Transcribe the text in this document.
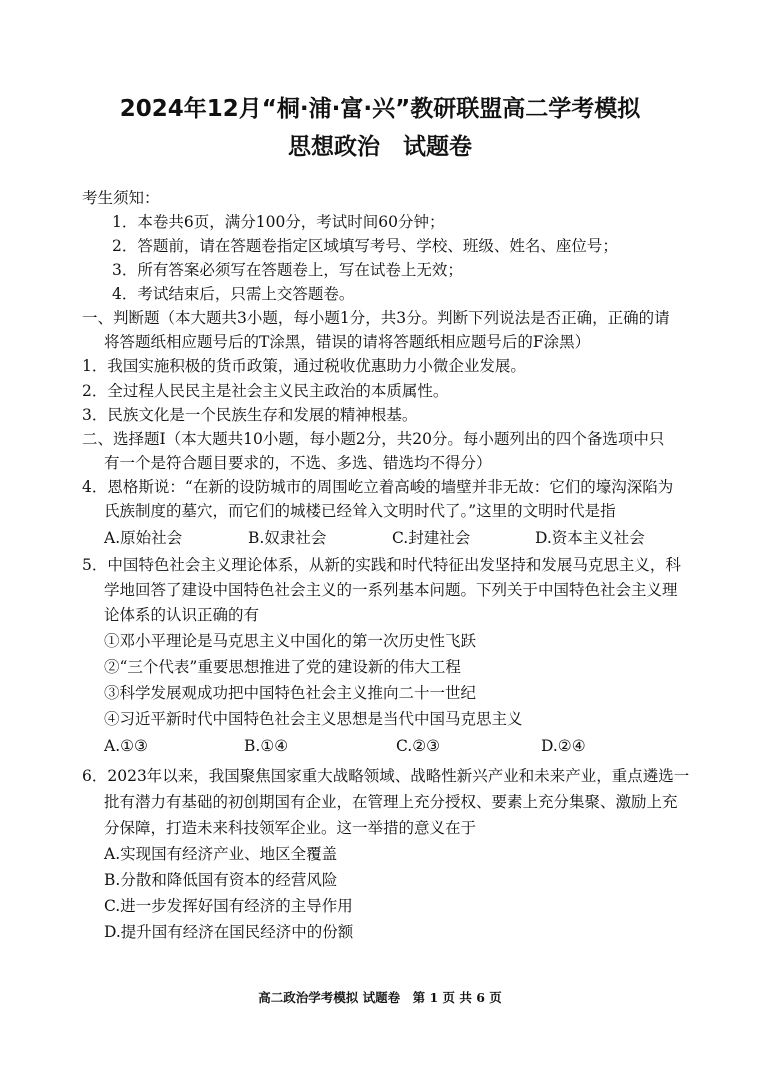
2024年12月“桐·浦·富·兴”教研联盟高二学考模拟
思想政治　试题卷
考生须知：
1．本卷共6页，满分100分，考试时间60分钟；
2．答题前，请在答题卷指定区域填写考号、学校、班级、姓名、座位号；
3．所有答案必须写在答题卷上，写在试卷上无效；
4．考试结束后，只需上交答题卷。
一、判断题（本大题共3小题，每小题1分，共3分。判断下列说法是否正确，正确的请
将答题纸相应题号后的T涂黑，错误的请将答题纸相应题号后的F涂黑）
1．我国实施积极的货币政策，通过税收优惠助力小微企业发展。
2．全过程人民民主是社会主义民主政治的本质属性。
3．民族文化是一个民族生存和发展的精神根基。
二、选择题Ⅰ（本大题共10小题，每小题2分，共20分。每小题列出的四个备选项中只
有一个是符合题目要求的，不选、多选、错选均不得分）
4．恩格斯说：“在新的设防城市的周围屹立着高峻的墙壁并非无故：它们的壕沟深陷为
氏族制度的墓穴，而它们的城楼已经耸入文明时代了。”这里的文明时代是指
A.原始社会	B.奴隶社会	C.封建社会	D.资本主义社会
5．中国特色社会主义理论体系，从新的实践和时代特征出发坚持和发展马克思主义，科
学地回答了建设中国特色社会主义的一系列基本问题。下列关于中国特色社会主义理
论体系的认识正确的有
①邓小平理论是马克思主义中国化的第一次历史性飞跃
②“三个代表”重要思想推进了党的建设新的伟大工程
③科学发展观成功把中国特色社会主义推向二十一世纪
④习近平新时代中国特色社会主义思想是当代中国马克思主义
A.①③	B.①④	C.②③	D.②④
6．2023年以来，我国聚焦国家重大战略领域、战略性新兴产业和未来产业，重点遴选一
批有潜力有基础的初创期国有企业，在管理上充分授权、要素上充分集聚、激励上充
分保障，打造未来科技领军企业。这一举措的意义在于
A.实现国有经济产业、地区全覆盖
B.分散和降低国有资本的经营风险
C.进一步发挥好国有经济的主导作用
D.提升国有经济在国民经济中的份额
高二政治学考模拟 试题卷　第 1 页 共 6 页
